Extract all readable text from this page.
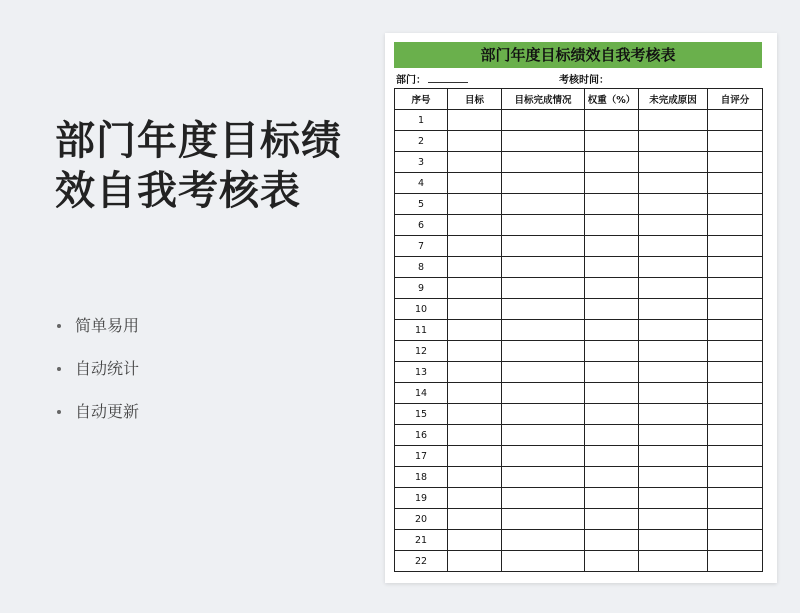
部门年度目标绩效自我考核表
简单易用
自动统计
自动更新
部门年度目标绩效自我考核表
部门：	考核时间：
序号	目标	目标完成情况	权重（%）	未完成原因	自评分
1					
2					
3					
4					
5					
6					
7					
8					
9					
10					
11					
12					
13					
14					
15					
16					
17					
18					
19					
20					
21					
22					
